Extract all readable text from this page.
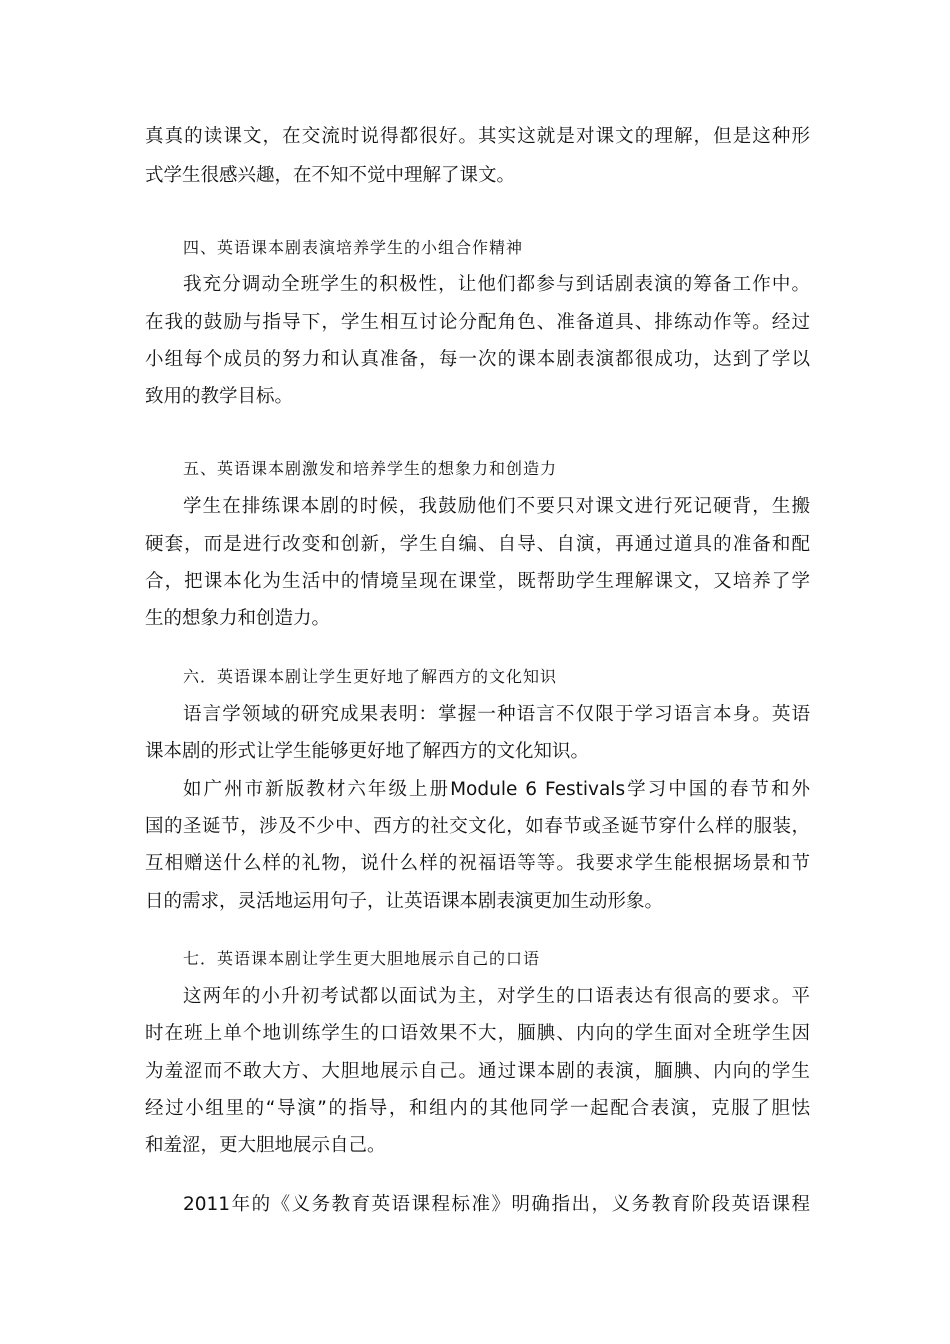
真真的读课文，在交流时说得都很好。其实这就是对课文的理解，但是这种形
式学生很感兴趣，在不知不觉中理解了课文。
四、英语课本剧表演培养学生的小组合作精神
我充分调动全班学生的积极性，让他们都参与到话剧表演的筹备工作中。
在我的鼓励与指导下，学生相互讨论分配角色、准备道具、排练动作等。经过
小组每个成员的努力和认真准备，每一次的课本剧表演都很成功，达到了学以
致用的教学目标。
五、英语课本剧激发和培养学生的想象力和创造力
学生在排练课本剧的时候，我鼓励他们不要只对课文进行死记硬背，生搬
硬套，而是进行改变和创新，学生自编、自导、自演，再通过道具的准备和配
合，把课本化为生活中的情境呈现在课堂，既帮助学生理解课文，又培养了学
生的想象力和创造力。
六．英语课本剧让学生更好地了解西方的文化知识
语言学领域的研究成果表明：掌握一种语言不仅限于学习语言本身。英语
课本剧的形式让学生能够更好地了解西方的文化知识。
如广州市新版教材六年级上册Module 6 Festivals学习中国的春节和外
国的圣诞节，涉及不少中、西方的社交文化，如春节或圣诞节穿什么样的服装，
互相赠送什么样的礼物，说什么样的祝福语等等。我要求学生能根据场景和节
日的需求，灵活地运用句子，让英语课本剧表演更加生动形象。
七．英语课本剧让学生更大胆地展示自己的口语
这两年的小升初考试都以面试为主，对学生的口语表达有很高的要求。平
时在班上单个地训练学生的口语效果不大，腼腆、内向的学生面对全班学生因
为羞涩而不敢大方、大胆地展示自己。通过课本剧的表演，腼腆、内向的学生
经过小组里的“导演”的指导，和组内的其他同学一起配合表演，克服了胆怯
和羞涩，更大胆地展示自己。
2011年的《义务教育英语课程标准》明确指出，义务教育阶段英语课程
